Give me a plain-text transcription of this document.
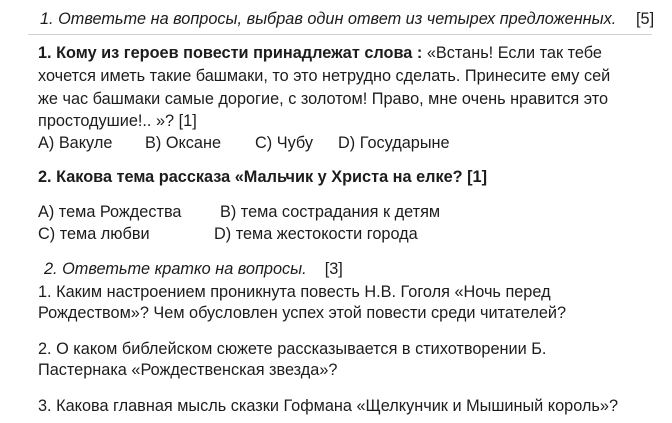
1. Ответьте на вопросы, выбрав один ответ из четырех предложенных. [5]
1. Кому из героев повести принадлежат слова : «Встань! Если так тебе
хочется иметь такие башмаки, то это нетрудно сделать. Принесите ему сей
же час башмаки самые дорогие, с золотом! Право, мне очень нравится это
простодушие!.. »? [1]
A) Вакуле B) Оксане C) Чубу D) Государыне
2. Какова тема рассказа «Мальчик у Христа на елке? [1]
A) тема Рождества B) тема сострадания к детям
C) тема любви	D) тема жестокости города
2. Ответьте кратко на вопросы. [3]
1. Каким настроением проникнута повесть Н.В. Гоголя «Ночь перед
Рождеством»? Чем обусловлен успех этой повести среди читателей?
2. О каком библейском сюжете рассказывается в стихотворении Б.
Пастернака «Рождественская звезда»?
3. Какова главная мысль сказки Гофмана «Щелкунчик и Мышиный король»?
